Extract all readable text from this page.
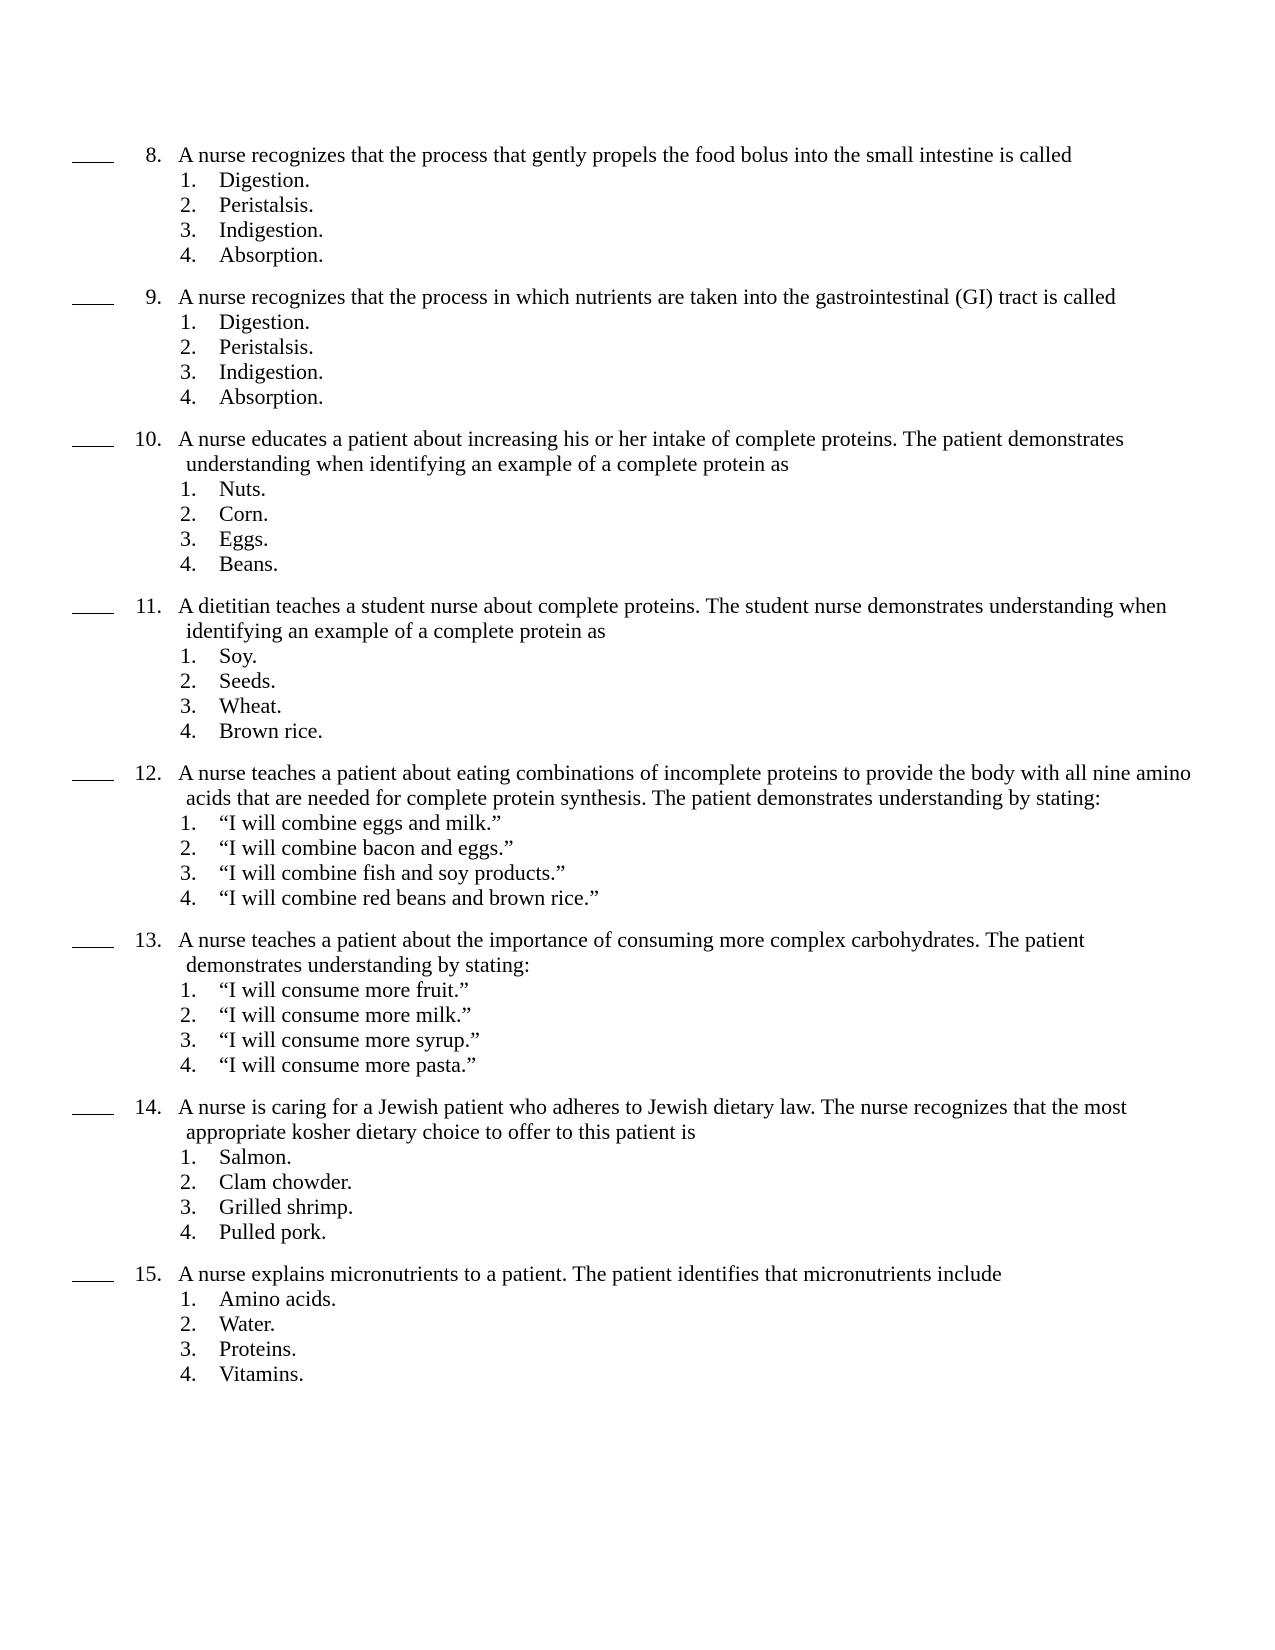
8. A nurse recognizes that the process that gently propels the food bolus into the small intestine is called
1. Digestion.
2. Peristalsis.
3. Indigestion.
4. Absorption.
9. A nurse recognizes that the process in which nutrients are taken into the gastrointestinal (GI) tract is called
1. Digestion.
2. Peristalsis.
3. Indigestion.
4. Absorption.
10. A nurse educates a patient about increasing his or her intake of complete proteins. The patient demonstrates understanding when identifying an example of a complete protein as
1. Nuts.
2. Corn.
3. Eggs.
4. Beans.
11. A dietitian teaches a student nurse about complete proteins. The student nurse demonstrates understanding when identifying an example of a complete protein as
1. Soy.
2. Seeds.
3. Wheat.
4. Brown rice.
12. A nurse teaches a patient about eating combinations of incomplete proteins to provide the body with all nine amino acids that are needed for complete protein synthesis. The patient demonstrates understanding by stating:
1. “I will combine eggs and milk.”
2. “I will combine bacon and eggs.”
3. “I will combine fish and soy products.”
4. “I will combine red beans and brown rice.”
13. A nurse teaches a patient about the importance of consuming more complex carbohydrates. The patient demonstrates understanding by stating:
1. “I will consume more fruit.”
2. “I will consume more milk.”
3. “I will consume more syrup.”
4. “I will consume more pasta.”
14. A nurse is caring for a Jewish patient who adheres to Jewish dietary law. The nurse recognizes that the most appropriate kosher dietary choice to offer to this patient is
1. Salmon.
2. Clam chowder.
3. Grilled shrimp.
4. Pulled pork.
15. A nurse explains micronutrients to a patient. The patient identifies that micronutrients include
1. Amino acids.
2. Water.
3. Proteins.
4. Vitamins.
